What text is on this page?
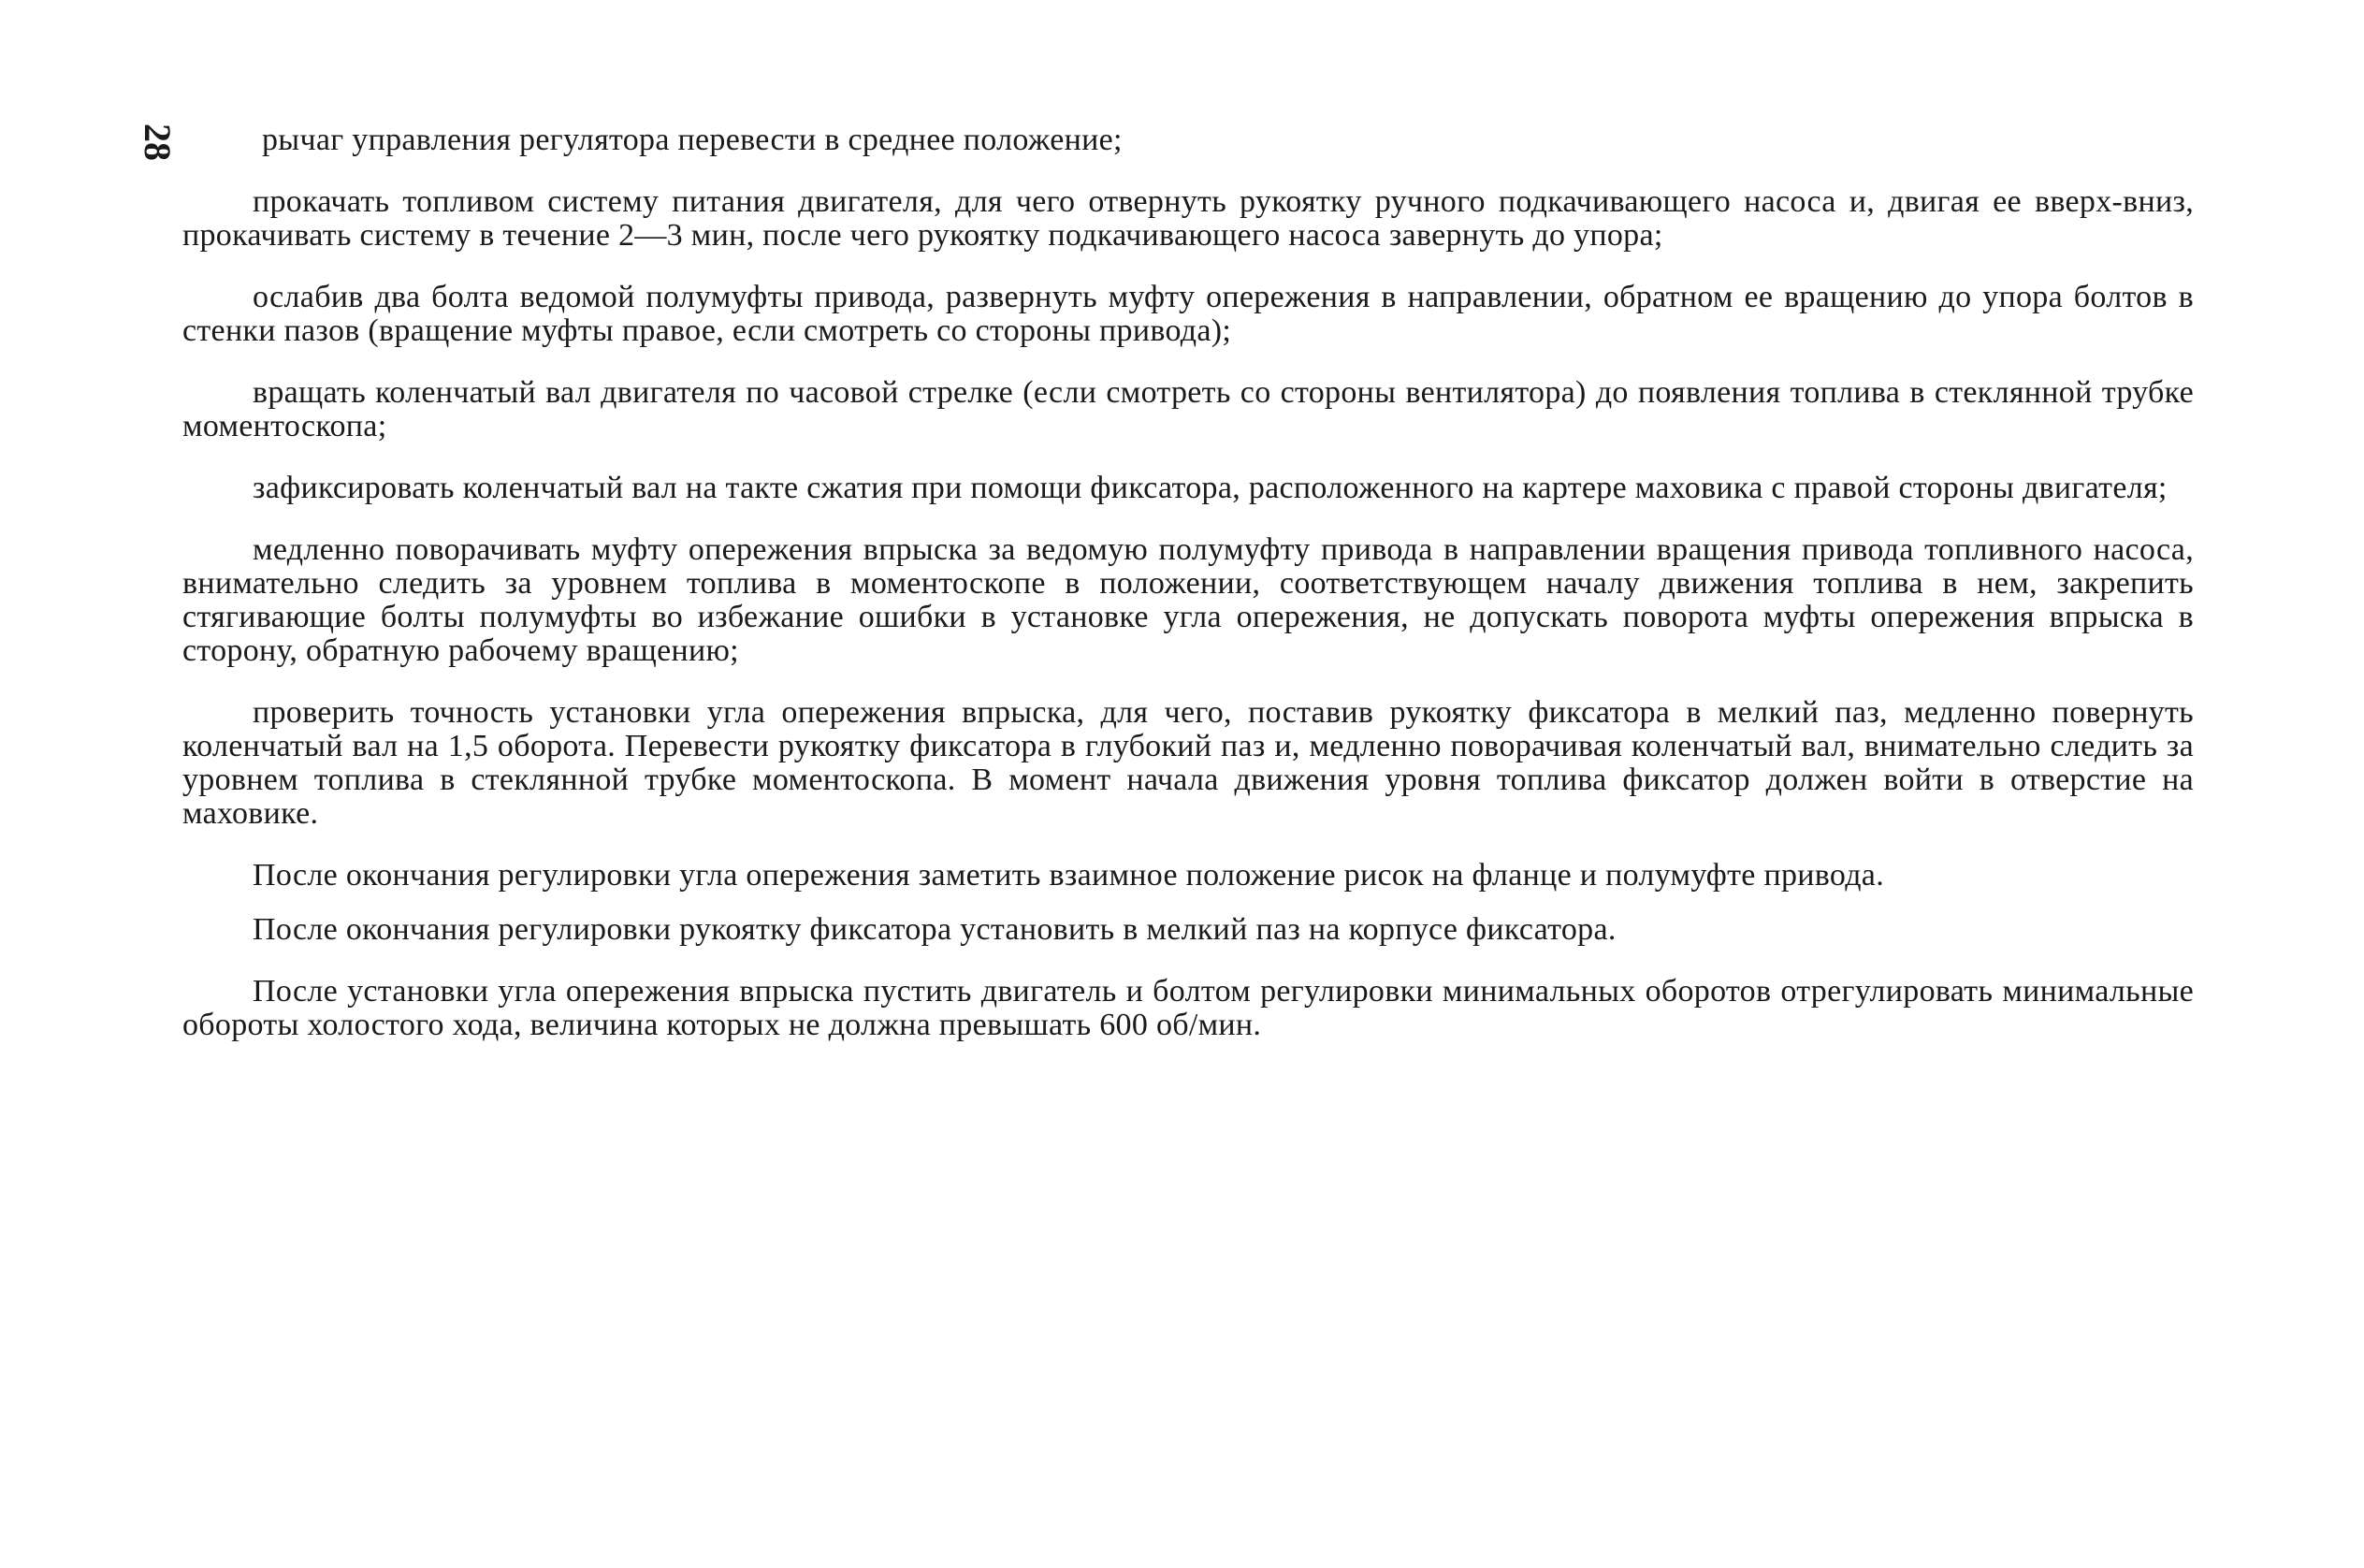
28	рычаг управления регулятора перевести в среднее положение;

прокачать топливом систему питания двигателя, для чего отвернуть рукоятку ручного подкачивающего насоса и, двигая ее вверх-вниз, прокачивать систему в течение 2—3 мин, после чего рукоятку подкачивающего насоса завернуть до упора;

ослабив два болта ведомой полумуфты привода, развернуть муфту опережения в направлении, обратном ее вращению до упора болтов в стенки пазов (вращение муфты правое, если смотреть со стороны привода);

вращать коленчатый вал двигателя по часовой стрелке (если смотреть со стороны вентилятора) до появления топлива в стеклянной трубке моментоскопа;

зафиксировать коленчатый вал на такте сжатия при помощи фиксатора, расположенного на картере маховика с правой стороны двигателя;

медленно поворачивать муфту опережения впрыска за ведомую полумуфту привода в направлении вращения привода топливного насоса, внимательно следить за уровнем топлива в моментоскопе в положении, соответствующем началу движения топлива в нем, закрепить стягивающие болты полумуфты во избежание ошибки в установке угла опережения, не допускать поворота муфты опережения впрыска в сторону, обратную рабочему вращению;

проверить точность установки угла опережения впрыска, для чего, поставив рукоятку фиксатора в мелкий паз, медленно повернуть коленчатый вал на 1,5 оборота. Перевести рукоятку фиксатора в глубокий паз и, медленно поворачивая коленчатый вал, внимательно следить за уровнем топлива в стеклянной трубке моментоскопа. В момент начала движения уровня топлива фиксатор должен войти в отверстие на маховике.

После окончания регулировки угла опережения заметить взаимное положение рисок на фланце и полумуфте привода.

После окончания регулировки рукоятку фиксатора установить в мелкий паз на корпусе фиксатора.

После установки угла опережения впрыска пустить двигатель и болтом регулировки минимальных оборотов отрегулировать минимальные обороты холостого хода, величина которых не должна превышать 600 об/мин.
